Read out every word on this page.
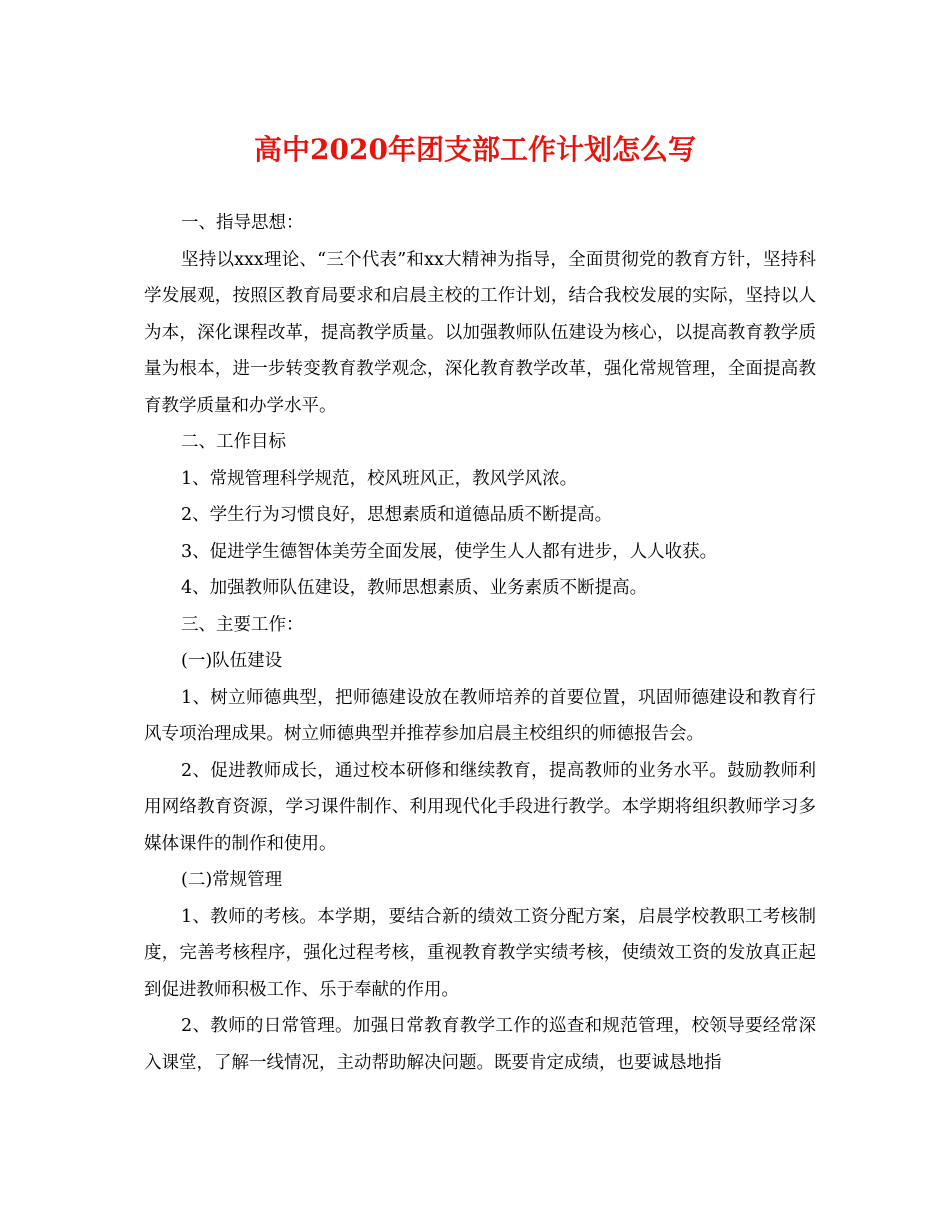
高中2020年团支部工作计划怎么写

一、指导思想：

坚持以xxx理论、“三个代表”和xx大精神为指导，全面贯彻党的教育方针，坚持科学发展观，按照区教育局要求和启晨主校的工作计划，结合我校发展的实际，坚持以人为本，深化课程改革，提高教学质量。以加强教师队伍建设为核心，以提高教育教学质量为根本，进一步转变教育教学观念，深化教育教学改革，强化常规管理，全面提高教育教学质量和办学水平。

二、工作目标

1、常规管理科学规范，校风班风正，教风学风浓。

2、学生行为习惯良好，思想素质和道德品质不断提高。

3、促进学生德智体美劳全面发展，使学生人人都有进步，人人收获。

4、加强教师队伍建设，教师思想素质、业务素质不断提高。

三、主要工作：

(一)队伍建设

1、树立师德典型，把师德建设放在教师培养的首要位置，巩固师德建设和教育行风专项治理成果。树立师德典型并推荐参加启晨主校组织的师德报告会。

2、促进教师成长，通过校本研修和继续教育，提高教师的业务水平。鼓励教师利用网络教育资源，学习课件制作、利用现代化手段进行教学。本学期将组织教师学习多媒体课件的制作和使用。

(二)常规管理

1、教师的考核。本学期，要结合新的绩效工资分配方案，启晨学校教职工考核制度，完善考核程序，强化过程考核，重视教育教学实绩考核，使绩效工资的发放真正起到促进教师积极工作、乐于奉献的作用。

2、教师的日常管理。加强日常教育教学工作的巡查和规范管理，校领导要经常深入课堂，了解一线情况，主动帮助解决问题。既要肯定成绩，也要诚恳地指
